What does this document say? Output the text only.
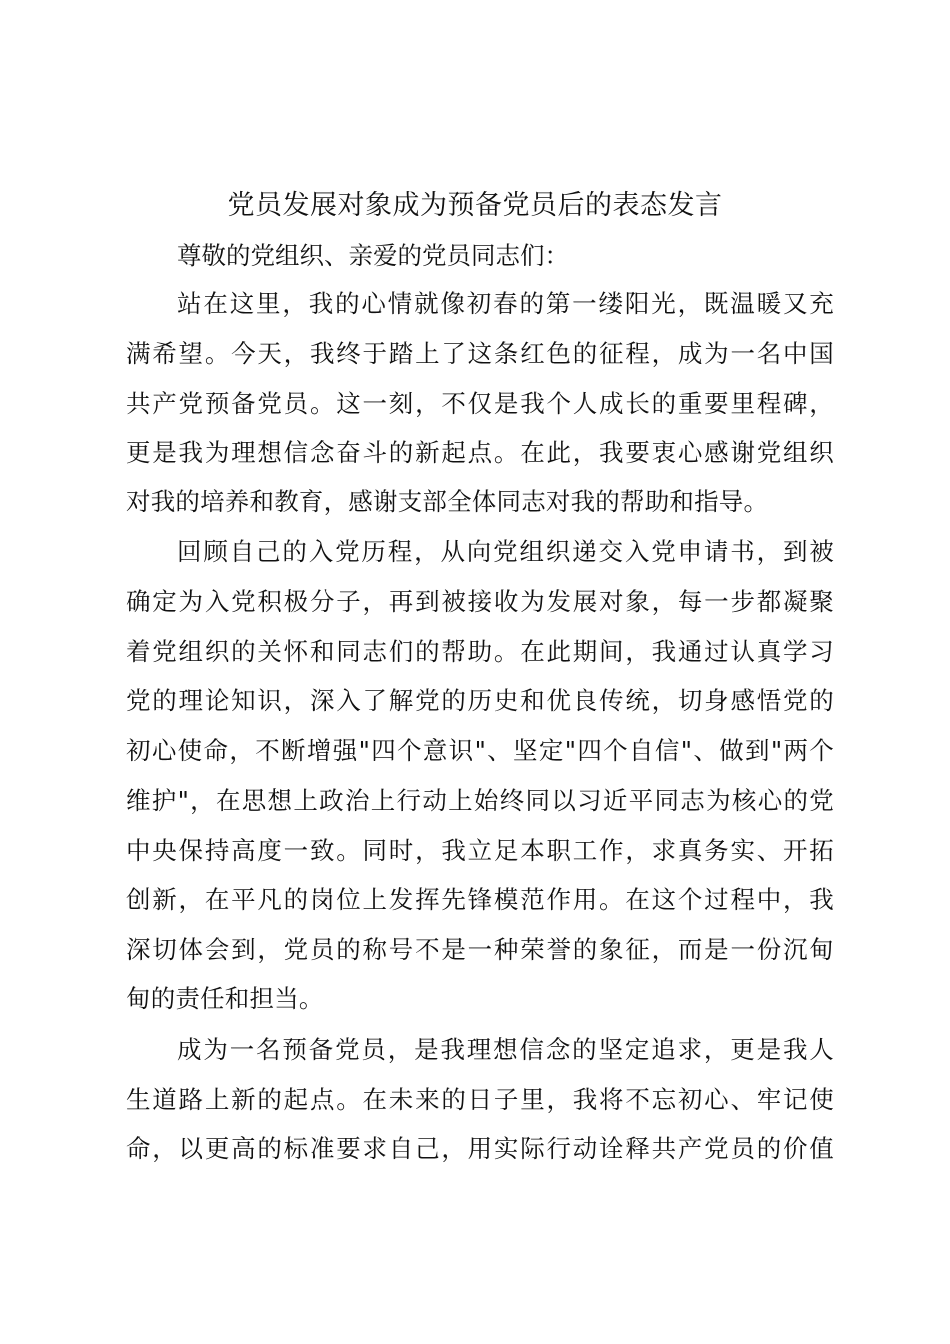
党员发展对象成为预备党员后的表态发言
尊敬的党组织、亲爱的党员同志们：
站在这里，我的心情就像初春的第一缕阳光，既温暖又充
满希望。今天，我终于踏上了这条红色的征程，成为一名中国
共产党预备党员。这一刻，不仅是我个人成长的重要里程碑，
更是我为理想信念奋斗的新起点。在此，我要衷心感谢党组织
对我的培养和教育，感谢支部全体同志对我的帮助和指导。
回顾自己的入党历程，从向党组织递交入党申请书，到被
确定为入党积极分子，再到被接收为发展对象，每一步都凝聚
着党组织的关怀和同志们的帮助。在此期间，我通过认真学习
党的理论知识，深入了解党的历史和优良传统，切身感悟党的
初心使命，不断增强"四个意识"、坚定"四个自信"、做到"两个
维护"，在思想上政治上行动上始终同以习近平同志为核心的党
中央保持高度一致。同时，我立足本职工作，求真务实、开拓
创新，在平凡的岗位上发挥先锋模范作用。在这个过程中，我
深切体会到，党员的称号不是一种荣誉的象征，而是一份沉甸
甸的责任和担当。
成为一名预备党员，是我理想信念的坚定追求，更是我人
生道路上新的起点。在未来的日子里，我将不忘初心、牢记使
命，以更高的标准要求自己，用实际行动诠释共产党员的价值
